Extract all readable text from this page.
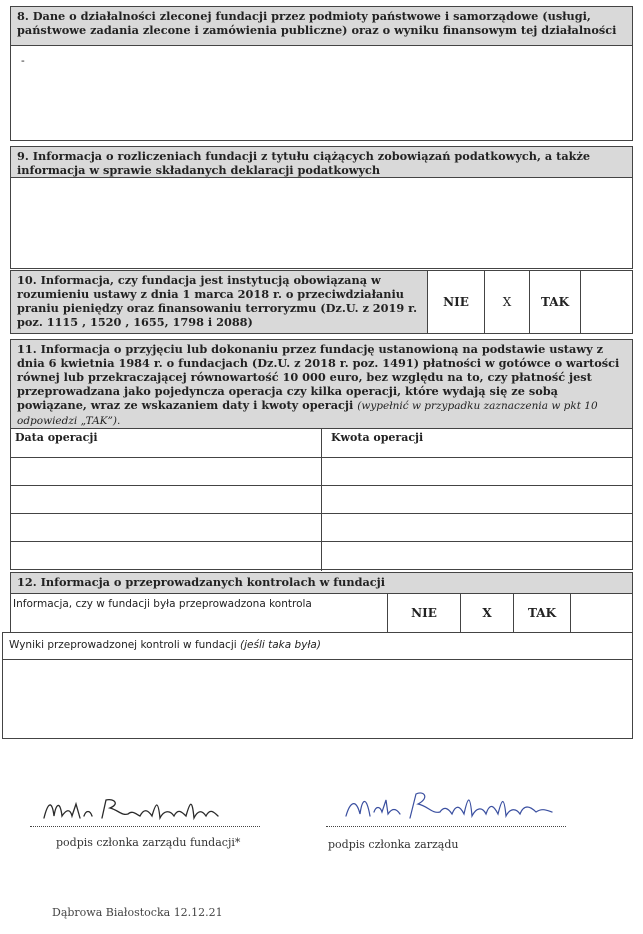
8. Dane o działalności zleconej fundacji przez podmioty państwowe i samorządowe (usługi, państwowe zadania zlecone i zamówienia publiczne) oraz o wyniku finansowym tej działalności
-
9. Informacja o rozliczeniach fundacji z tytułu ciążących zobowiązań podatkowych, a także informacja w sprawie składanych deklaracji podatkowych
10. Informacja, czy fundacja jest instytucją obowiązaną w rozumieniu ustawy z dnia 1 marca 2018 r. o przeciwdziałaniu praniu pieniędzy oraz finansowaniu terroryzmu (Dz.U. z 2019 r. poz. 1115 , 1520 , 1655, 1798 i 2088)
NIE	X TAK
11. Informacja o przyjęciu lub dokonaniu przez fundację ustanowioną na podstawie ustawy z dnia 6 kwietnia 1984 r. o fundacjach (Dz.U. z 2018 r. poz. 1491) płatności w gotówce o wartości równej lub przekraczającej równowartość 10 000 euro, bez względu na to, czy płatność jest przeprowadzana jako pojedyncza operacja czy kilka operacji, które wydają się ze sobą powiązane, wraz ze wskazaniem daty i kwoty operacji (wypełnić w przypadku zaznaczenia w pkt 10 odpowiedzi „TAK”).
Data operacji	Kwota operacji
12. Informacja o przeprowadzanych kontrolach w fundacji
Informacja, czy w fundacji była przeprowadzona kontrola
NIE	X	TAK
Wyniki przeprowadzonej kontroli w fundacji (jeśli taka była)
podpis członka zarządu fundacji*	podpis członka zarządu
Dąbrowa Białostocka 12.12.21
